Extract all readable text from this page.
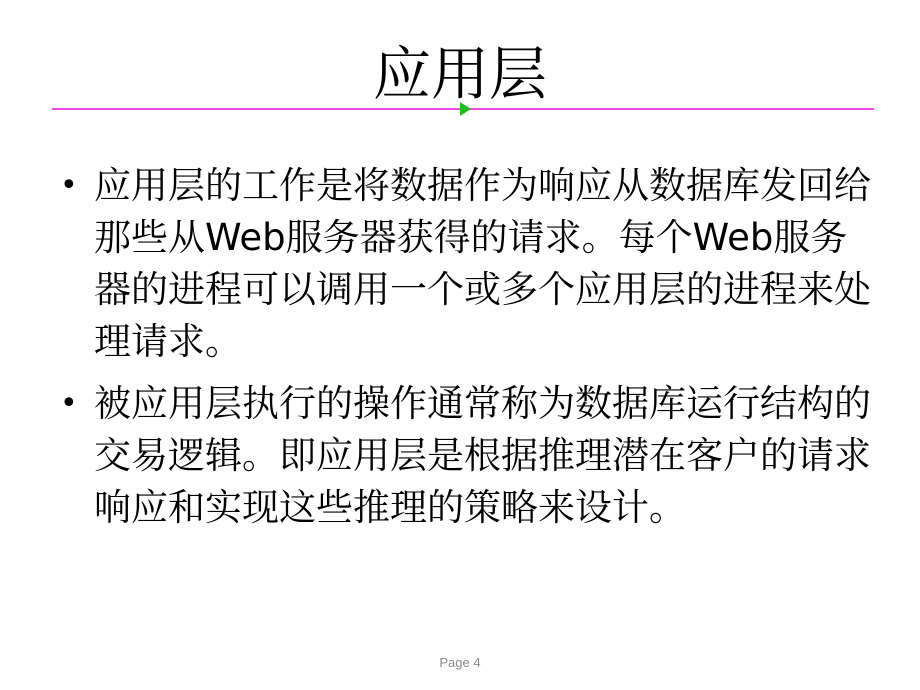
应用层
• 应用层的工作是将数据作为响应从数据库发回给那些从Web服务器获得的请求。每个Web服务器的进程可以调用一个或多个应用层的进程来处理请求。
• 被应用层执行的操作通常称为数据库运行结构的交易逻辑。即应用层是根据推理潜在客户的请求响应和实现这些推理的策略来设计。
Page 4
